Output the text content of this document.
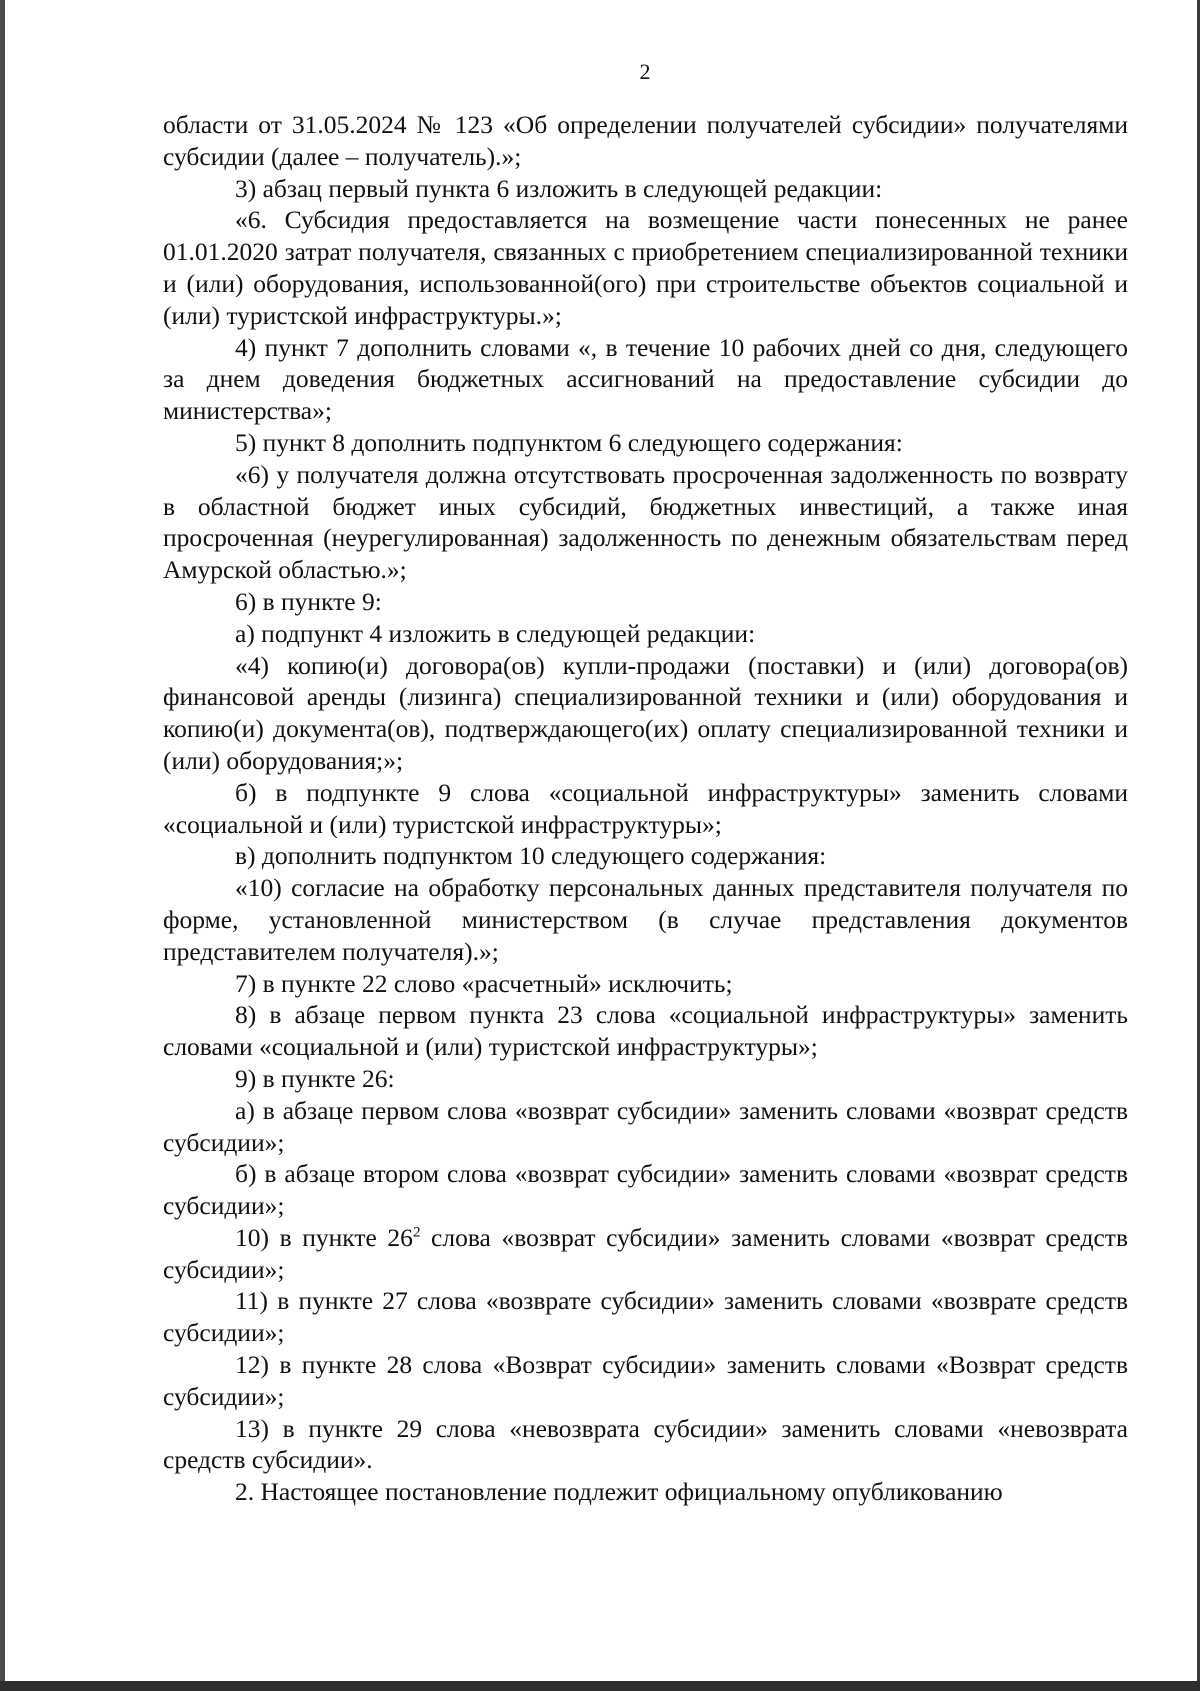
2

области от 31.05.2024 № 123 «Об определении получателей субсидии» получателями субсидии (далее – получатель).»;

3) абзац первый пункта 6 изложить в следующей редакции:

«6. Субсидия предоставляется на возмещение части понесенных не ранее 01.01.2020 затрат получателя, связанных с приобретением специализированной техники и (или) оборудования, использованной(ого) при строительстве объектов социальной и (или) туристской инфраструктуры.»;

4) пункт 7 дополнить словами «, в течение 10 рабочих дней со дня, следующего за днем доведения бюджетных ассигнований на предоставление субсидии до министерства»;

5) пункт 8 дополнить подпунктом 6 следующего содержания:

«6) у получателя должна отсутствовать просроченная задолженность по возврату в областной бюджет иных субсидий, бюджетных инвестиций, а также иная просроченная (неурегулированная) задолженность по денежным обязательствам перед Амурской областью.»;

6) в пункте 9:

а) подпункт 4 изложить в следующей редакции:

«4) копию(и) договора(ов) купли-продажи (поставки) и (или) договора(ов) финансовой аренды (лизинга) специализированной техники и (или) оборудования и копию(и) документа(ов), подтверждающего(их) оплату специализированной техники и (или) оборудования;»;

б) в подпункте 9 слова «социальной инфраструктуры» заменить словами «социальной и (или) туристской инфраструктуры»;

в) дополнить подпунктом 10 следующего содержания:

«10) согласие на обработку персональных данных представителя получателя по форме, установленной министерством (в случае представления документов представителем получателя).»;

7) в пункте 22 слово «расчетный» исключить;

8) в абзаце первом пункта 23 слова «социальной инфраструктуры» заменить словами «социальной и (или) туристской инфраструктуры»;

9) в пункте 26:

а) в абзаце первом слова «возврат субсидии» заменить словами «возврат средств субсидии»;

б) в абзаце втором слова «возврат субсидии» заменить словами «возврат средств субсидии»;

10) в пункте $26^2$ слова «возврат субсидии» заменить словами «возврат средств субсидии»;

11) в пункте 27 слова «возврате субсидии» заменить словами «возврате средств субсидии»;

12) в пункте 28 слова «Возврат субсидии» заменить словами «Возврат средств субсидии»;

13) в пункте 29 слова «невозврата субсидии» заменить словами «невозврата средств субсидии».

2. Настоящее постановление подлежит официальному опубликованию
